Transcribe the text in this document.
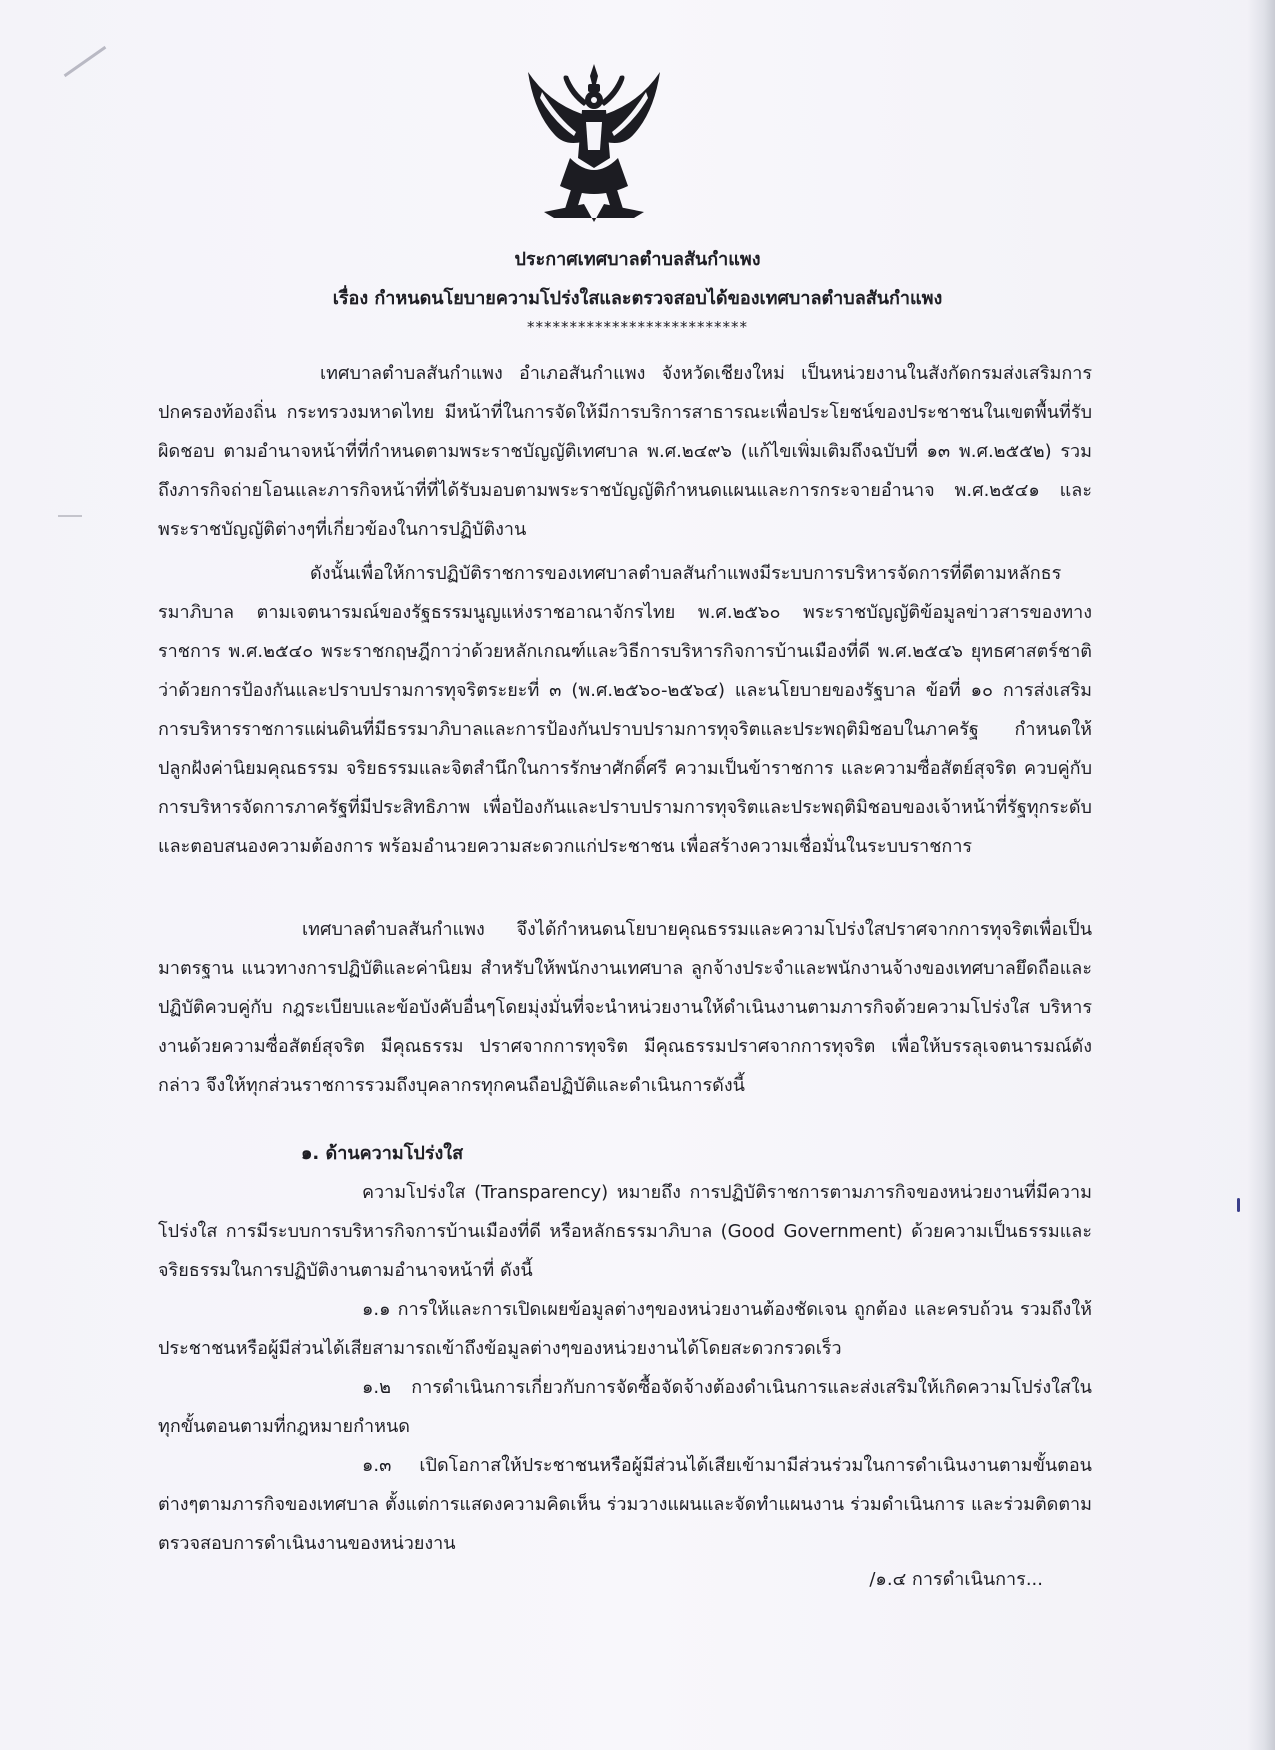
ประกาศเทศบาลตำบลสันกำแพง
เรื่อง กำหนดนโยบายความโปร่งใสและตรวจสอบได้ของเทศบาลตำบลสันกำแพง
**************************
เทศบาลตำบลสันกำแพง อำเภอสันกำแพง จังหวัดเชียงใหม่ เป็นหน่วยงานในสังกัดกรมส่งเสริมการปกครองท้องถิ่น กระทรวงมหาดไทย มีหน้าที่ในการจัดให้มีการบริการสาธารณะเพื่อประโยชน์ของประชาชนในเขตพื้นที่รับผิดชอบ ตามอำนาจหน้าที่ที่กำหนดตามพระราชบัญญัติเทศบาล พ.ศ.๒๔๙๖ (แก้ไขเพิ่มเติมถึงฉบับที่ ๑๓ พ.ศ.๒๕๕๒) รวมถึงภารกิจถ่ายโอนและภารกิจหน้าที่ที่ได้รับมอบตามพระราชบัญญัติกำหนดแผนและการกระจายอำนาจ พ.ศ.๒๕๔๑ และพระราชบัญญัติต่างๆที่เกี่ยวข้องในการปฏิบัติงาน
ดังนั้นเพื่อให้การปฏิบัติราชการของเทศบาลตำบลสันกำแพงมีระบบการบริหารจัดการที่ดีตามหลักธรรมาภิบาล ตามเจตนารมณ์ของรัฐธรรมนูญแห่งราชอาณาจักรไทย พ.ศ.๒๕๖๐ พระราชบัญญัติข้อมูลข่าวสารของทางราชการ พ.ศ.๒๕๔๐ พระราชกฤษฎีกาว่าด้วยหลักเกณฑ์และวิธีการบริหารกิจการบ้านเมืองที่ดี พ.ศ.๒๕๔๖ ยุทธศาสตร์ชาติว่าด้วยการป้องกันและปราบปรามการทุจริตระยะที่ ๓ (พ.ศ.๒๕๖๐-๒๕๖๔) และนโยบายของรัฐบาล ข้อที่ ๑๐ การส่งเสริมการบริหารราชการแผ่นดินที่มีธรรมาภิบาลและการป้องกันปราบปรามการทุจริตและประพฤติมิชอบในภาครัฐ กำหนดให้ปลูกฝังค่านิยมคุณธรรม จริยธรรมและจิตสำนึกในการรักษาศักดิ์ศรี ความเป็นข้าราชการ และความซื่อสัตย์สุจริต ควบคู่กับการบริหารจัดการภาครัฐที่มีประสิทธิภาพ เพื่อป้องกันและปราบปรามการทุจริตและประพฤติมิชอบของเจ้าหน้าที่รัฐทุกระดับ และตอบสนองความต้องการ พร้อมอำนวยความสะดวกแก่ประชาชน เพื่อสร้างความเชื่อมั่นในระบบราชการ
เทศบาลตำบลสันกำแพง จึงได้กำหนดนโยบายคุณธรรมและความโปร่งใสปราศจากการทุจริตเพื่อเป็นมาตรฐาน แนวทางการปฏิบัติและค่านิยม สำหรับให้พนักงานเทศบาล ลูกจ้างประจำและพนักงานจ้างของเทศบาลยึดถือและปฏิบัติควบคู่กับ กฎระเบียบและข้อบังคับอื่นๆโดยมุ่งมั่นที่จะนำหน่วยงานให้ดำเนินงานตามภารกิจด้วยความโปร่งใส บริหารงานด้วยความซื่อสัตย์สุจริต มีคุณธรรม ปราศจากการทุจริต มีคุณธรรมปราศจากการทุจริต เพื่อให้บรรลุเจตนารมณ์ดังกล่าว จึงให้ทุกส่วนราชการรวมถึงบุคลากรทุกคนถือปฏิบัติและดำเนินการดังนี้
๑. ด้านความโปร่งใส
ความโปร่งใส (Transparency) หมายถึง การปฏิบัติราชการตามภารกิจของหน่วยงานที่มีความโปร่งใส การมีระบบการบริหารกิจการบ้านเมืองที่ดี หรือหลักธรรมาภิบาล (Good Government) ด้วยความเป็นธรรมและจริยธรรมในการปฏิบัติงานตามอำนาจหน้าที่ ดังนี้
๑.๑ การให้และการเปิดเผยข้อมูลต่างๆของหน่วยงานต้องชัดเจน ถูกต้อง และครบถ้วน รวมถึงให้ประชาชนหรือผู้มีส่วนได้เสียสามารถเข้าถึงข้อมูลต่างๆของหน่วยงานได้โดยสะดวกรวดเร็ว
๑.๒ การดำเนินการเกี่ยวกับการจัดซื้อจัดจ้างต้องดำเนินการและส่งเสริมให้เกิดความโปร่งใสในทุกขั้นตอนตามที่กฎหมายกำหนด
๑.๓ เปิดโอกาสให้ประชาชนหรือผู้มีส่วนได้เสียเข้ามามีส่วนร่วมในการดำเนินงานตามขั้นตอนต่างๆตามภารกิจของเทศบาล ตั้งแต่การแสดงความคิดเห็น ร่วมวางแผนและจัดทำแผนงาน ร่วมดำเนินการ และร่วมติดตามตรวจสอบการดำเนินงานของหน่วยงาน
/๑.๔ การดำเนินการ...
